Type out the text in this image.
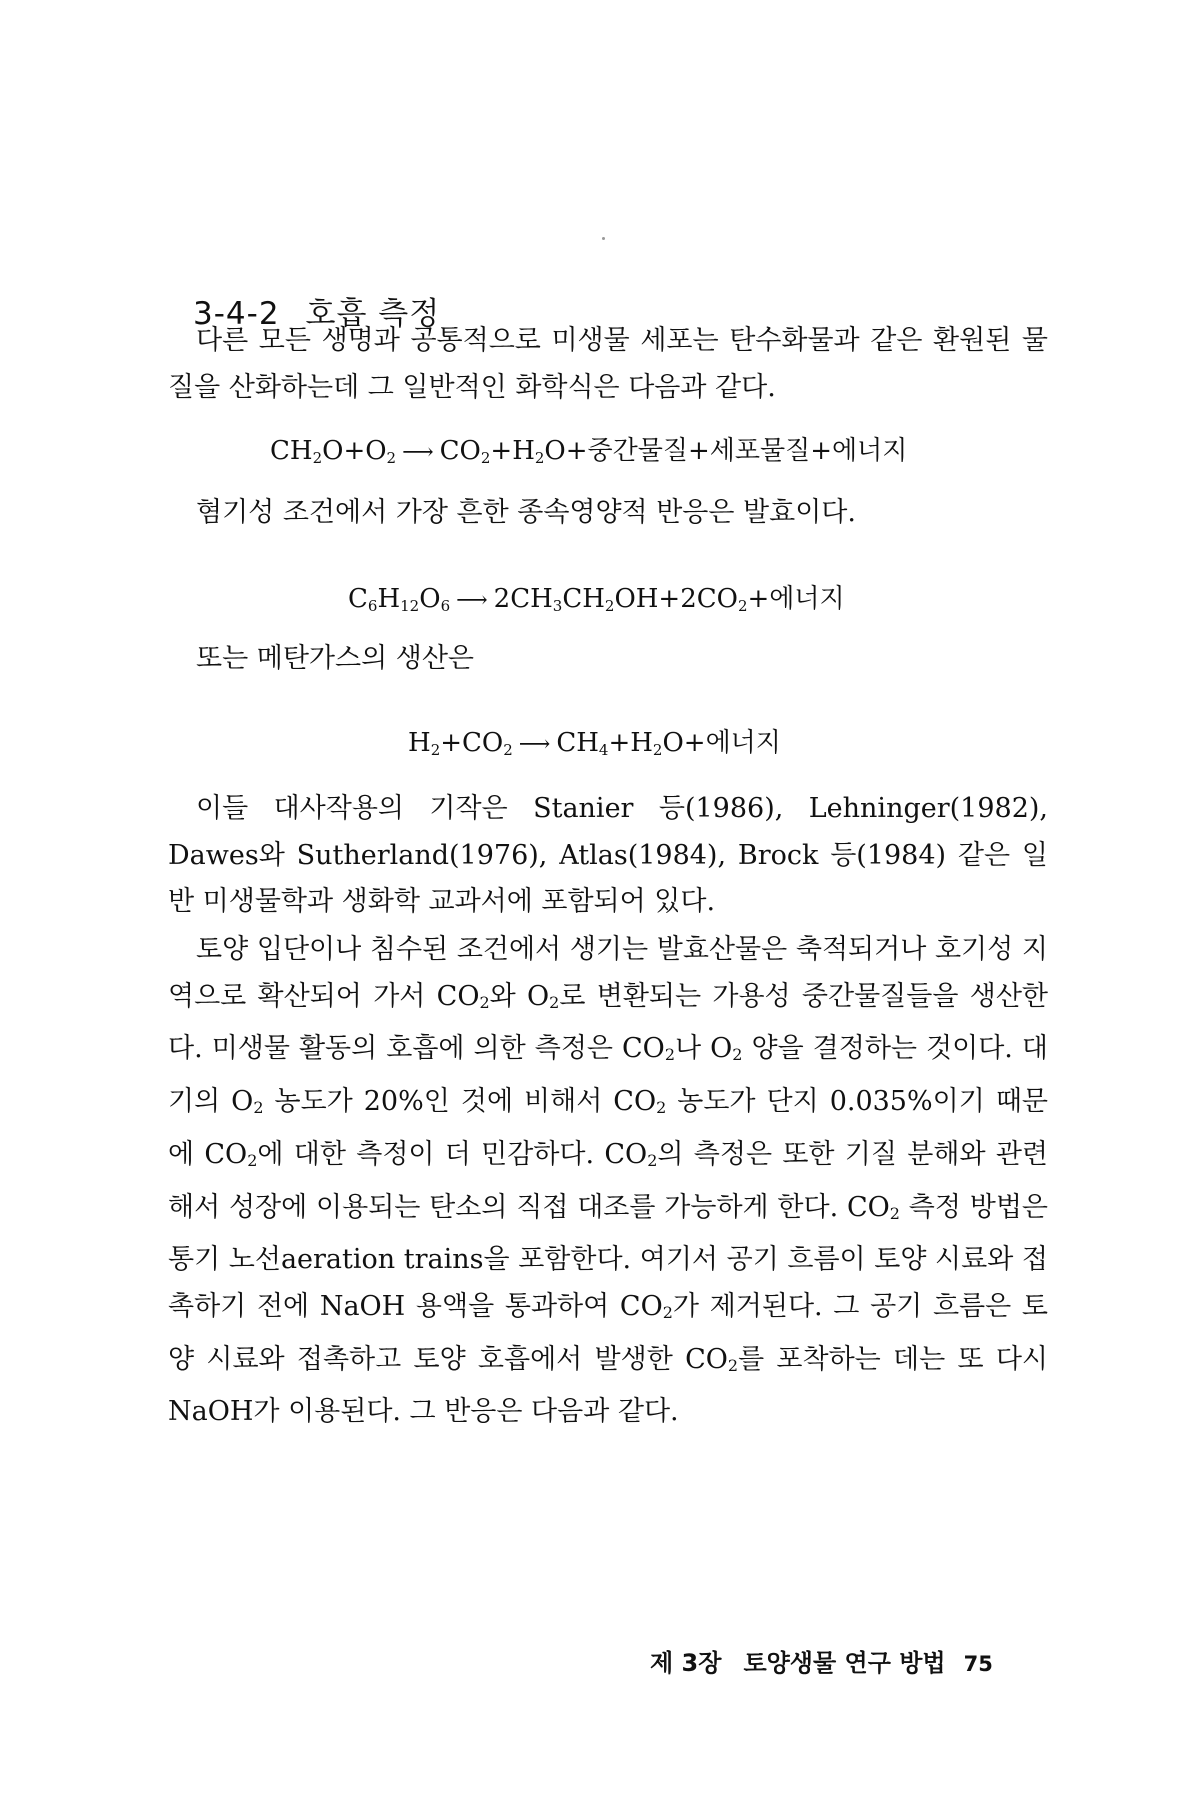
3-4-2 호흡 측정

다른 모든 생명과 공통적으로 미생물 세포는 탄수화물과 같은 환원된 물질을 산화하는데 그 일반적인 화학식은 다음과 같다.

$CH_2O+O_2$ ⟶ $CO_2+H_2O+$중간물질+세포물질+에너지

혐기성 조건에서 가장 흔한 종속영양적 반응은 발효이다.

$C_6H_{12}O_6$ ⟶ $2CH_3CH_2OH+2CO_2+$에너지

또는 메탄가스의 생산은

$H_2+CO_2$ ⟶ $CH_4+H_2O+$에너지

이들 대사작용의 기작은 Stanier 등(1986), Lehninger(1982), Dawes와 Sutherland(1976), Atlas(1984), Brock 등(1984) 같은 일반 미생물학과 생화학 교과서에 포함되어 있다.

토양 입단이나 침수된 조건에서 생기는 발효산물은 축적되거나 호기성 지역으로 확산되어 가서 $CO_2$와 $O_2$로 변환되는 가용성 중간물질들을 생산한다. 미생물 활동의 호흡에 의한 측정은 $CO_2$나 $O_2$ 양을 결정하는 것이다. 대기의 $O_2$ 농도가 20%인 것에 비해서 $CO_2$ 농도가 단지 0.035%이기 때문에 $CO_2$에 대한 측정이 더 민감하다. $CO_2$의 측정은 또한 기질 분해와 관련해서 성장에 이용되는 탄소의 직접 대조를 가능하게 한다. $CO_2$ 측정 방법은 통기 노선aeration trains을 포함한다. 여기서 공기 흐름이 토양 시료와 접촉하기 전에 NaOH 용액을 통과하여 $CO_2$가 제거된다. 그 공기 흐름은 토양 시료와 접촉하고 토양 호흡에서 발생한 $CO_2$를 포착하는 데는 또 다시 NaOH가 이용된다. 그 반응은 다음과 같다.

제 3장 토양생물 연구 방법 75
